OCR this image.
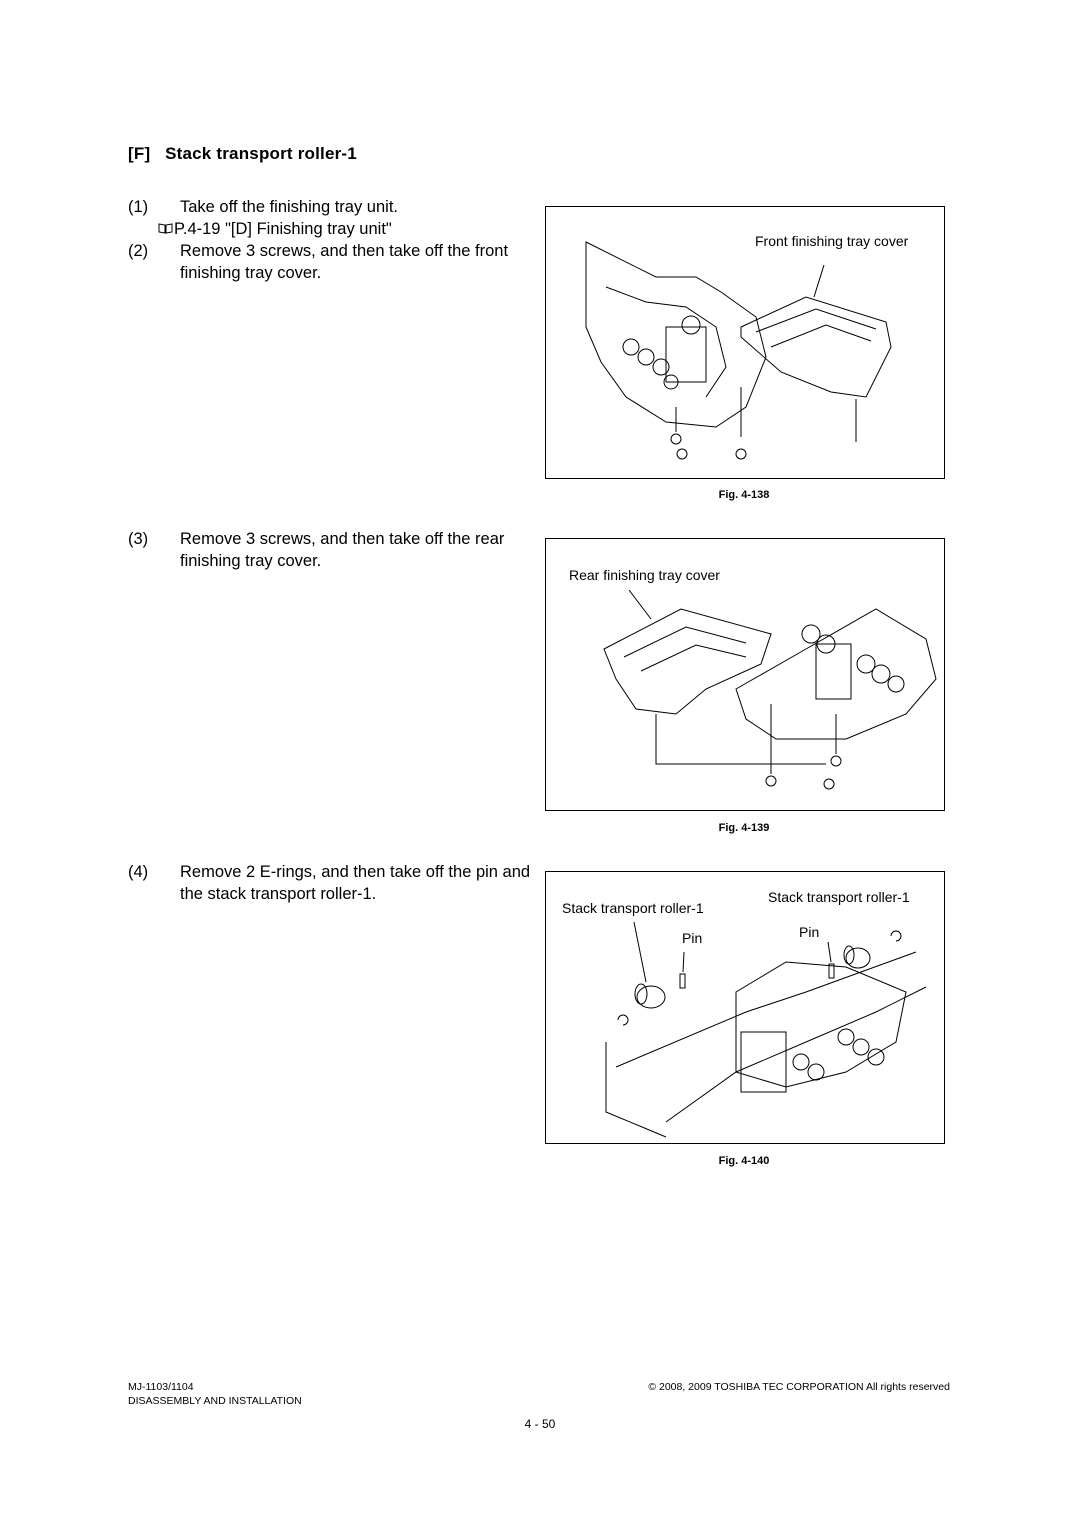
[F] Stack transport roller-1
(1) Take off the finishing tray unit.
P.4-19 "[D] Finishing tray unit"
(2) Remove 3 screws, and then take off the front finishing tray cover.
(3) Remove 3 screws, and then take off the rear finishing tray cover.
(4) Remove 2 E-rings, and then take off the pin and the stack transport roller-1.
Front finishing tray cover
Fig. 4-138
Rear finishing tray cover
Fig. 4-139
Stack transport roller-1
Pin
Stack transport roller-1
Pin
Fig. 4-140
MJ-1103/1104
DISASSEMBLY AND INSTALLATION
© 2008, 2009 TOSHIBA TEC CORPORATION All rights reserved
4 - 50
